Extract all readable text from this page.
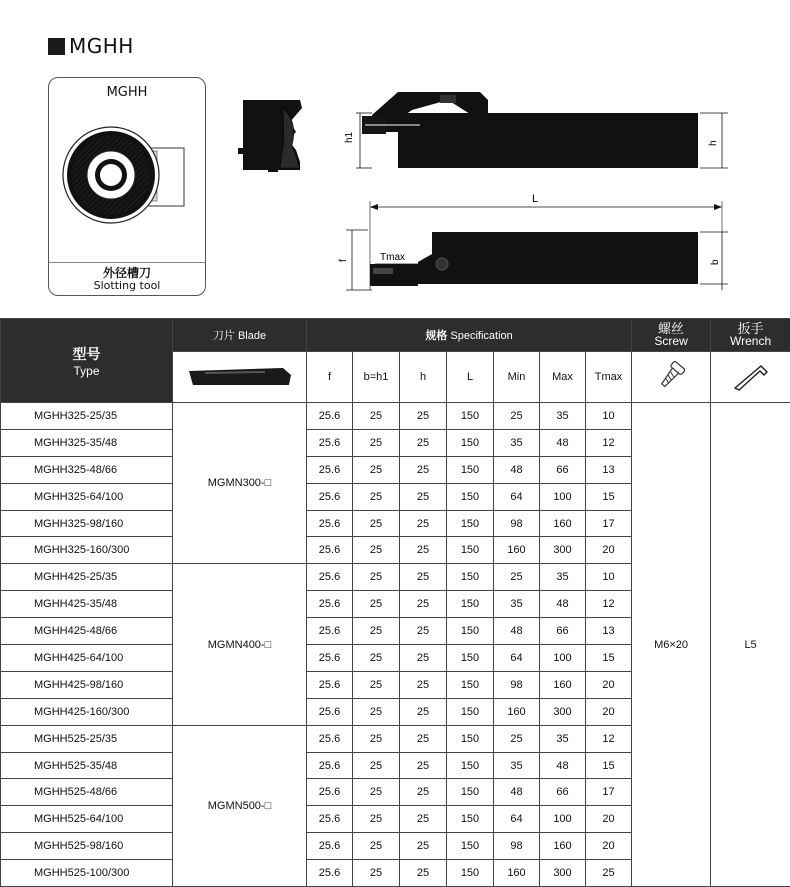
MGHH
MGHH
外径槽刀
Slotting tool
h1
h
L
Tmax
f	b
型号
Type	刀片 Blade	规格 Specification							螺丝
Screw	扳手
Wrench

	f	b=h1	h	L	Min	Max	Tmax		
MGHH325-25/35	MGMN300-□	25.6	25	25	150	25	35	10	M6×20	L5
MGHH325-35/48		25.6	25	25	150	35	48	12		
MGHH325-48/66		25.6	25	25	150	48	66	13		
MGHH325-64/100		25.6	25	25	150	64	100	15		
MGHH325-98/160		25.6	25	25	150	98	160	17		
MGHH325-160/300		25.6	25	25	150	160	300	20		
MGHH425-25/35	MGMN400-□	25.6	25	25	150	25	35	10		
MGHH425-35/48		25.6	25	25	150	35	48	12		
MGHH425-48/66		25.6	25	25	150	48	66	13		
MGHH425-64/100		25.6	25	25	150	64	100	15		
MGHH425-98/160		25.6	25	25	150	98	160	20		
MGHH425-160/300		25.6	25	25	150	160	300	20		
MGHH525-25/35	MGMN500-□	25.6	25	25	150	25	35	12		
MGHH525-35/48		25.6	25	25	150	35	48	15		
MGHH525-48/66		25.6	25	25	150	48	66	17		
MGHH525-64/100		25.6	25	25	150	64	100	20		
MGHH525-98/160		25.6	25	25	150	98	160	20		
MGHH525-100/300		25.6	25	25	150	160	300	25		
